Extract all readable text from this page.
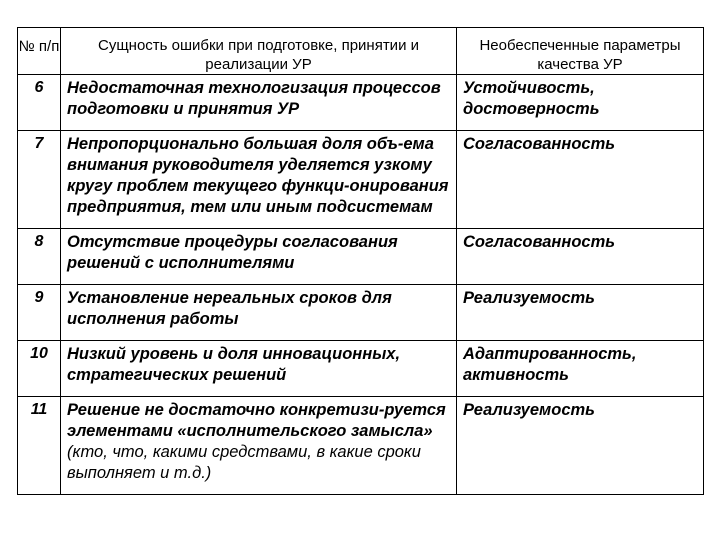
№ п/п	Сущность ошибки при подготовке, принятии и реализации УР	Необеспеченные параметры качества УР
6	Недостаточная технологизация процессов подготовки и принятия УР	Устойчивость, достоверность
7	Непропорционально большая доля объ-ема внимания руководителя уделяется узкому кругу проблем текущего функци-онирования предприятия, тем или иным подсистемам	Согласованность
8	Отсутствие процедуры согласования решений с исполнителями	Согласованность
9	Установление нереальных сроков для исполнения работы	Реализуемость
10	Низкий уровень и доля инновационных, стратегических решений	Адаптированность, активность
11	Решение не достаточно конкретизи-руется элементами «исполнительского замысла» (кто, что, какими средствами, в какие сроки выполняет и т.д.)	Реализуемость
